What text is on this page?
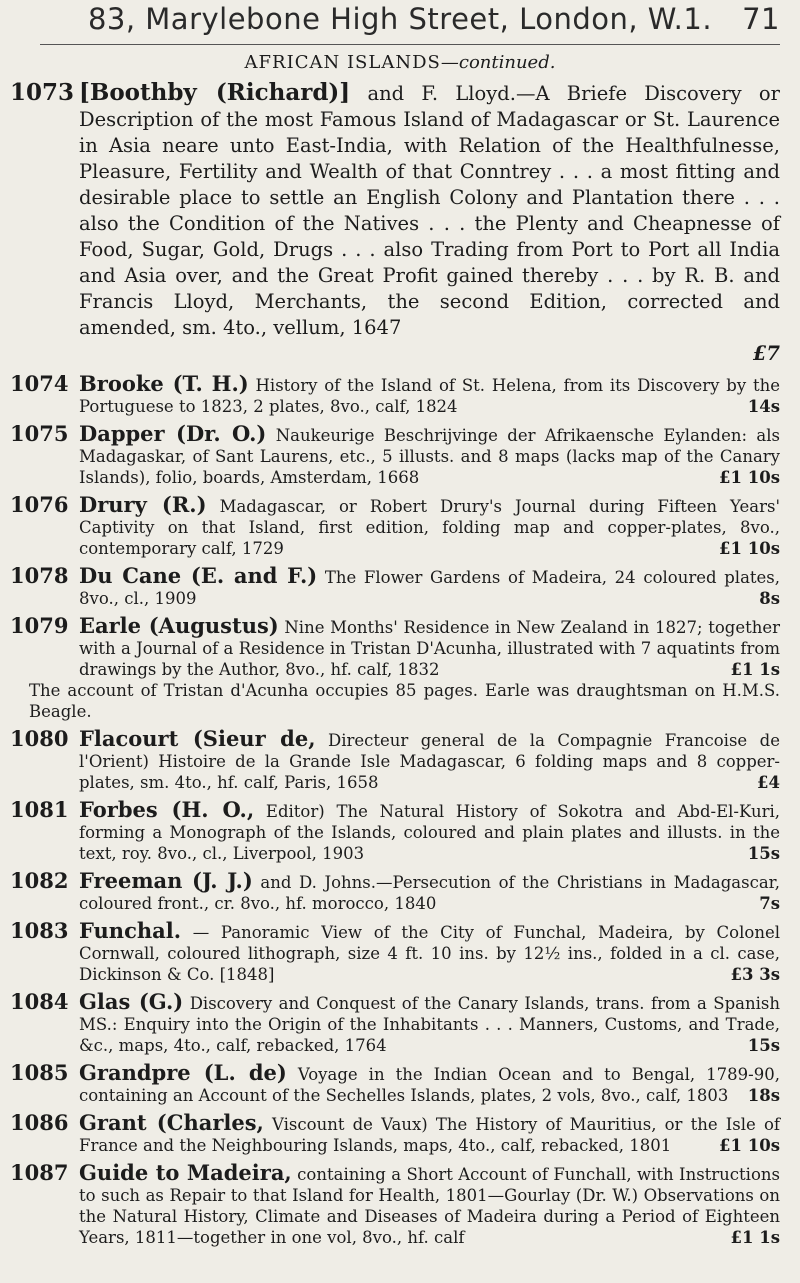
83, Marylebone High Street, London, W.1. 71
AFRICAN ISLANDS—continued.
1073 [Boothby (Richard)] and F. Lloyd.—A Briefe Discovery or Description of the most Famous Island of Madagascar or St. Laurence in Asia neare unto East-India, with Relation of the Healthfulnesse, Pleasure, Fertility and Wealth of that Conntrey . . . a most fitting and desirable place to settle an English Colony and Plantation there . . . also the Condition of the Natives . . . the Plenty and Cheapnesse of Food, Sugar, Gold, Drugs . . . also Trading from Port to Port all India and Asia over, and the Great Profit gained thereby . . . by R. B. and Francis Lloyd, Merchants, the second Edition, corrected and amended, sm. 4to., vellum, 1647
£7
1074 Brooke (T. H.) History of the Island of St. Helena, from its Discovery by the Portuguese to 1823, 2 plates, 8vo., calf, 1824	14s
1075 Dapper (Dr. O.) Naukeurige Beschrijvinge der Afrikaensche Eylanden: als Madagaskar, of Sant Laurens, etc., 5 illusts. and 8 maps (lacks map of the Canary Islands), folio, boards, Amsterdam, 1668	£1 10s
1076 Drury (R.) Madagascar, or Robert Drury's Journal during Fifteen Years' Captivity on that Island, first edition, folding map and copper-plates, 8vo., contemporary calf, 1729	£1 10s
1078 Du Cane (E. and F.) The Flower Gardens of Madeira, 24 coloured plates, 8vo., cl., 1909	8s
1079 Earle (Augustus) Nine Months' Residence in New Zealand in 1827; together with a Journal of a Residence in Tristan D'Acunha, illustrated with 7 aquatints from drawings by the Author, 8vo., hf. calf, 1832	£1 1s
The account of Tristan d'Acunha occupies 85 pages. Earle was draughtsman on H.M.S. Beagle.
1080 Flacourt (Sieur de, Directeur general de la Compagnie Francoise de l'Orient) Histoire de la Grande Isle Madagascar, 6 folding maps and 8 copper-plates, sm. 4to., hf. calf, Paris, 1658	£4
1081 Forbes (H. O., Editor) The Natural History of Sokotra and Abd-El-Kuri, forming a Monograph of the Islands, coloured and plain plates and illusts. in the text, roy. 8vo., cl., Liverpool, 1903	15s
1082 Freeman (J. J.) and D. Johns.—Persecution of the Christians in Madagascar, coloured front., cr. 8vo., hf. morocco, 1840	7s
1083 Funchal. — Panoramic View of the City of Funchal, Madeira, by Colonel Cornwall, coloured lithograph, size 4 ft. 10 ins. by 12½ ins., folded in a cl. case, Dickinson & Co. [1848]	£3 3s
1084 Glas (G.) Discovery and Conquest of the Canary Islands, trans. from a Spanish MS.: Enquiry into the Origin of the Inhabitants . . . Manners, Customs, and Trade, &c., maps, 4to., calf, rebacked, 1764	15s
1085 Grandpre (L. de) Voyage in the Indian Ocean and to Bengal, 1789-90, containing an Account of the Sechelles Islands, plates, 2 vols, 8vo., calf, 1803 18s
1086 Grant (Charles, Viscount de Vaux) The History of Mauritius, or the Isle of France and the Neighbouring Islands, maps, 4to., calf, rebacked, 1801	£1 10s
1087 Guide to Madeira, containing a Short Account of Funchall, with Instructions to such as Repair to that Island for Health, 1801—Gourlay (Dr. W.) Observations on the Natural History, Climate and Diseases of Madeira during a Period of Eighteen Years, 1811—together in one vol, 8vo., hf. calf	£1 1s
